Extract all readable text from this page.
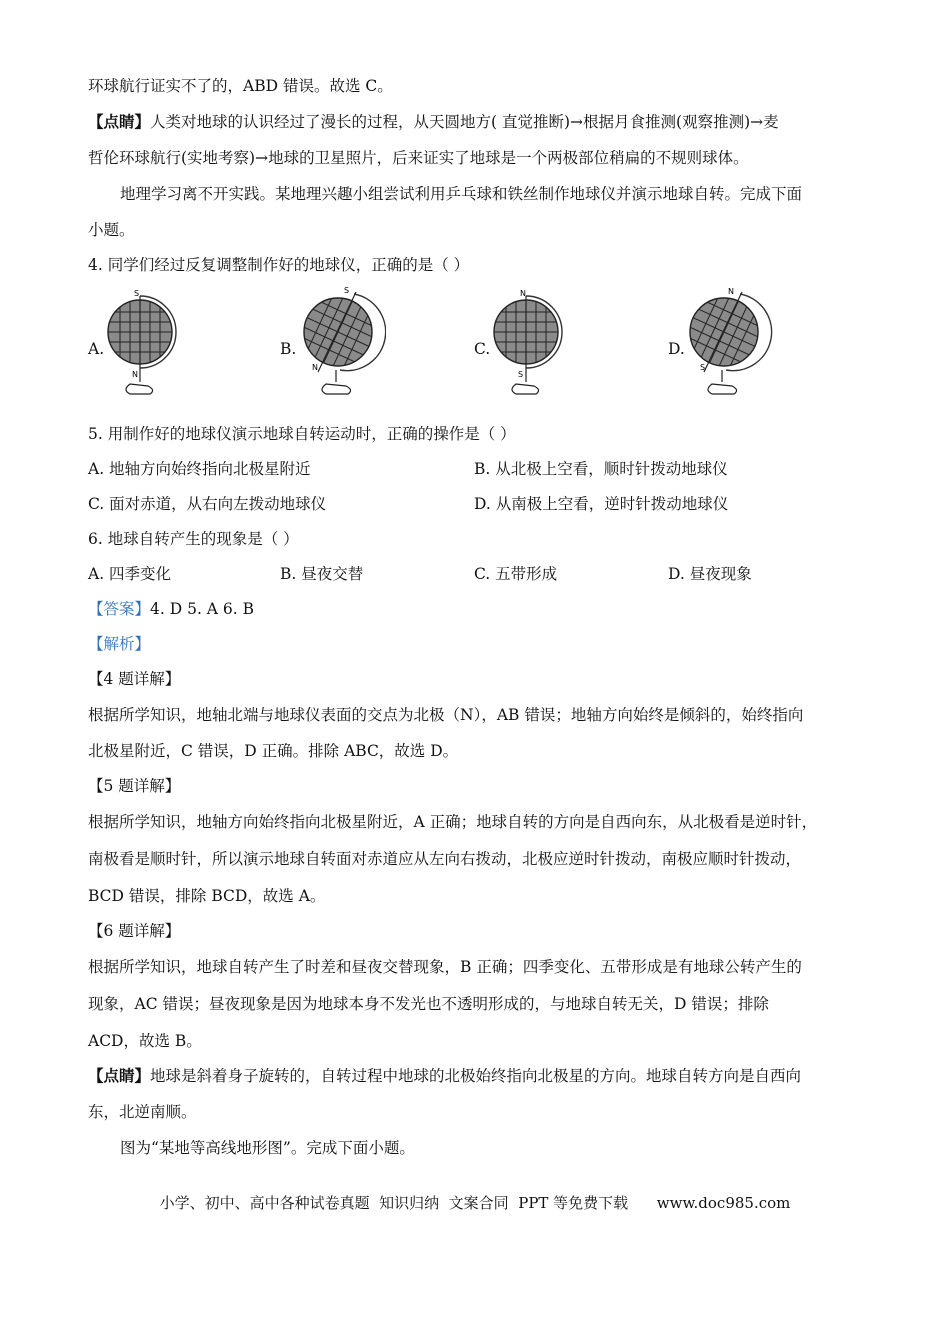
环球航行证实不了的，ABD 错误。故选 C。
【点睛】人类对地球的认识经过了漫长的过程，从天圆地方( 直觉推断)→根据月食推测(观察推测)→麦
哲伦环球航行(实地考察)→地球的卫星照片，后来证实了地球是一个两极部位稍扁的不规则球体。
地理学习离不开实践。某地理兴趣小组尝试利用乒乓球和铁丝制作地球仪并演示地球自转。完成下面
小题。
4. 同学们经过反复调整制作好的地球仪，正确的是（ ）
A.
S
N
B.
S
N
C.
N
S
D.
N
S
5. 用制作好的地球仪演示地球自转运动时，正确的操作是（ ）
A. 地轴方向始终指向北极星附近	B. 从北极上空看，顺时针拨动地球仪
C. 面对赤道，从右向左拨动地球仪	D. 从南极上空看，逆时针拨动地球仪
6. 地球自转产生的现象是（ ）
A. 四季变化	B. 昼夜交替	C. 五带形成	D. 昼夜现象
【答案】4. D 5. A 6. B
【解析】
【4 题详解】
根据所学知识，地轴北端与地球仪表面的交点为北极（N），AB 错误；地轴方向始终是倾斜的，始终指向
北极星附近，C 错误，D 正确。排除 ABC，故选 D。
【5 题详解】
根据所学知识，地轴方向始终指向北极星附近，A 正确；地球自转的方向是自西向东，从北极看是逆时针，
南极看是顺时针，所以演示地球自转面对赤道应从左向右拨动，北极应逆时针拨动，南极应顺时针拨动，
BCD 错误，排除 BCD，故选 A。
【6 题详解】
根据所学知识，地球自转产生了时差和昼夜交替现象，B 正确；四季变化、五带形成是有地球公转产生的
现象，AC 错误；昼夜现象是因为地球本身不发光也不透明形成的，与地球自转无关，D 错误；排除
ACD，故选 B。
【点睛】地球是斜着身子旋转的，自转过程中地球的北极始终指向北极星的方向。地球自转方向是自西向
东，北逆南顺。
图为“某地等高线地形图”。完成下面小题。
小学、初中、高中各种试卷真题  知识归纳  文案合同  PPT 等免费下载      www.doc985.com
